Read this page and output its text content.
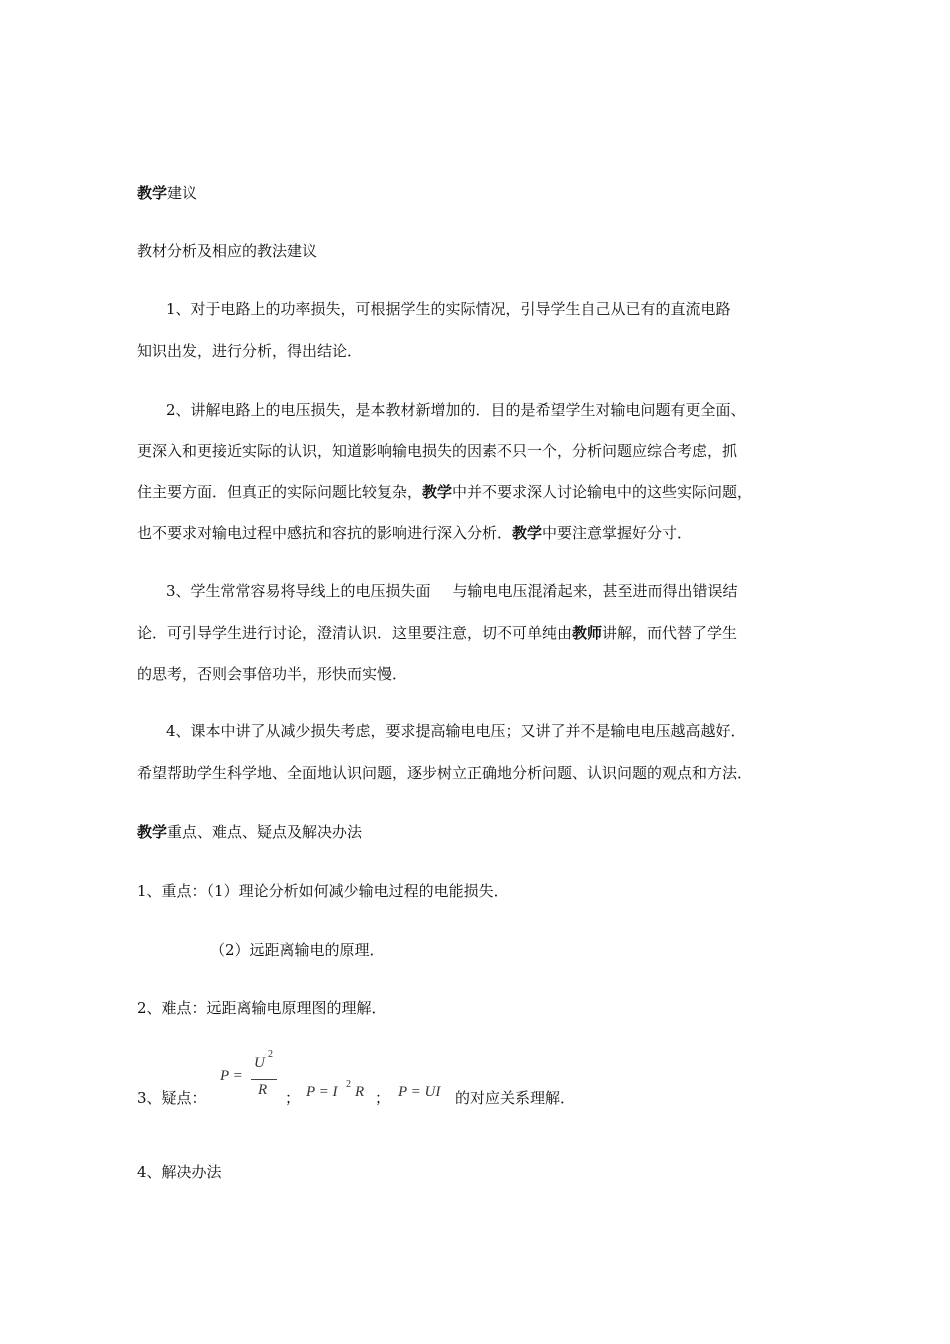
教学建议
教材分析及相应的教法建议
1、对于电路上的功率损失，可根据学生的实际情况，引导学生自己从已有的直流电路
知识出发，进行分析，得出结论．
2、讲解电路上的电压损失，是本教材新增加的．目的是希望学生对输电问题有更全面、
更深入和更接近实际的认识，知道影响输电损失的因素不只一个，分析问题应综合考虑，抓
住主要方面．但真正的实际问题比较复杂，教学中并不要求深人讨论输电中的这些实际问题，
也不要求对输电过程中感抗和容抗的影响进行深入分析．教学中要注意掌握好分寸．
3、学生常常容易将导线上的电压损失面 与输电电压混淆起来，甚至进而得出错误结
论．可引导学生进行讨论，澄清认识．这里要注意，切不可单纯由教师讲解，而代替了学生
的思考，否则会事倍功半，形快而实慢．
4、课本中讲了从减少损失考虑，要求提高输电电压；又讲了并不是输电电压越高越好．
希望帮助学生科学地、全面地认识问题，逐步树立正确地分析问题、认识问题的观点和方法．
教学重点、难点、疑点及解决办法
1、重点：（1）理论分析如何减少输电过程的电能损失．
（2）远距离输电的原理．
2、难点：远距离输电原理图的理解．
3、疑点：
P =
U
2
R ； P = I 2 R ； P = UI 的对应关系理解．
4、解决办法
